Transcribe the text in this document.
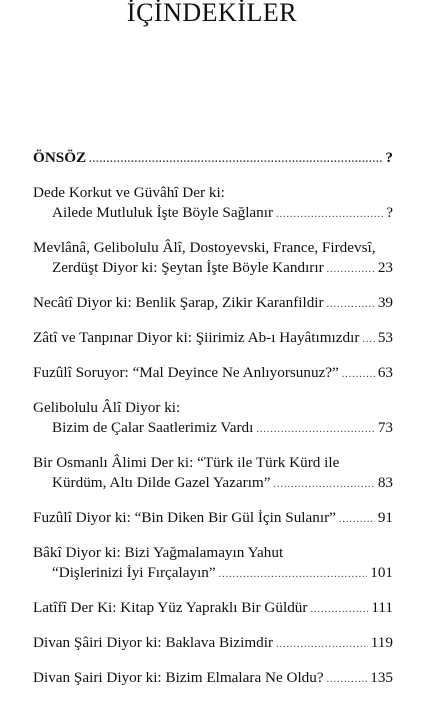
İÇİNDEKİLER
ÖNSÖZ .....	?
Dede Korkut ve Güvâhî Der ki:
Ailede Mutluluk İşte Böyle Sağlanır .....	?
Mevlânâ, Gelibolulu Âlî, Dostoyevski, France, Firdevsî,
Zerdüşt Diyor ki: Şeytan İşte Böyle Kandırır .....	23
Necâtî Diyor ki: Benlik Şarap, Zikir Karanfildir .....	39
Zâtî ve Tanpınar Diyor ki: Şiirimiz Ab-ı Hayâtımızdır ..... 53
Fuzûlî Soruyor: “Mal Deyince Ne Anlıyorsunuz?” .....	63
Gelibolulu Âlî Diyor ki:
Bizim de Çalar Saatlerimiz Vardı .....	73
Bir Osmanlı Âlimi Der ki: “Türk ile Türk Kürd ile
Kürdüm, Altı Dilde Gazel Yazarım” .....	83
Fuzûlî Diyor ki: “Bin Diken Bir Gül İçin Sulanır” .....	91
Bâkî Diyor ki: Bizi Yağmalamayın Yahut
“Dişlerinizi İyi Fırçalayın” .....	101
Latîfî Der Ki: Kitap Yüz Yapraklı Bir Güldür .....	111
Divan Şâiri Diyor ki: Baklava Bizimdir .....	119
Divan Şairi Diyor ki: Bizim Elmalara Ne Oldu? .....	135
